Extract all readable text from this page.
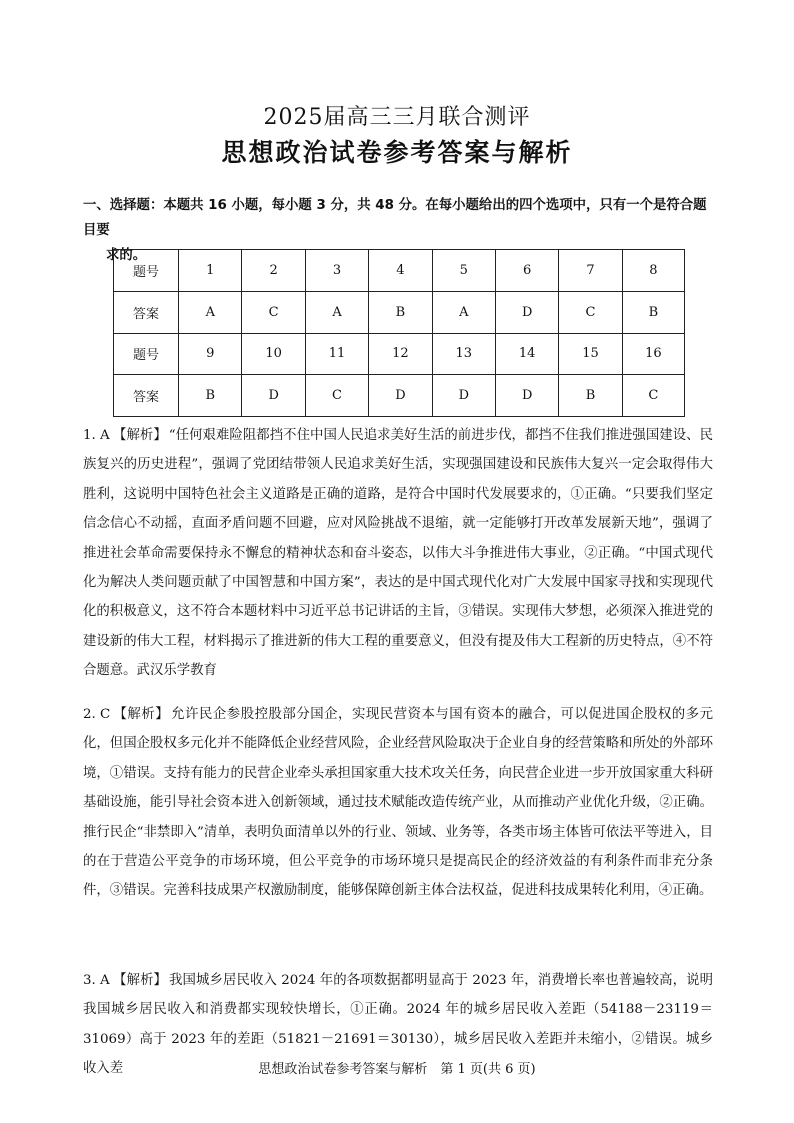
2025届高三三月联合测评
思想政治试卷参考答案与解析
一、选择题：本题共 16 小题，每小题 3 分，共 48 分。在每小题给出的四个选项中，只有一个是符合题目要
求的。
题号	1	2	3	4	5	6	7	8
答案	A	C	A	B	A	D	C	B
题号	9	10	11	12	13	14	15	16
答案	B	D	C	D	D	D	B	C
1. A 【解析】 “任何艰难险阻都挡不住中国人民追求美好生活的前进步伐，都挡不住我们推进强国建设、民族复兴的历史进程”，强调了党团结带领人民追求美好生活，实现强国建设和民族伟大复兴一定会取得伟大胜利，这说明中国特色社会主义道路是正确的道路，是符合中国时代发展要求的，①正确。“只要我们坚定信念信心不动摇，直面矛盾问题不回避，应对风险挑战不退缩，就一定能够打开改革发展新天地”，强调了推进社会革命需要保持永不懈怠的精神状态和奋斗姿态，以伟大斗争推进伟大事业，②正确。“中国式现代化为解决人类问题贡献了中国智慧和中国方案”，表达的是中国式现代化对广大发展中国家寻找和实现现代化的积极意义，这不符合本题材料中习近平总书记讲话的主旨，③错误。实现伟大梦想，必须深入推进党的建设新的伟大工程，材料揭示了推进新的伟大工程的重要意义，但没有提及伟大工程新的历史特点，④不符合题意。武汉乐学教育
2. C 【解析】 允许民企参股控股部分国企，实现民营资本与国有资本的融合，可以促进国企股权的多元化，但国企股权多元化并不能降低企业经营风险，企业经营风险取决于企业自身的经营策略和所处的外部环境，①错误。支持有能力的民营企业牵头承担国家重大技术攻关任务，向民营企业进一步开放国家重大科研基础设施，能引导社会资本进入创新领域，通过技术赋能改造传统产业，从而推动产业优化升级，②正确。推行民企“非禁即入”清单，表明负面清单以外的行业、领域、业务等，各类市场主体皆可依法平等进入，目的在于营造公平竞争的市场环境，但公平竞争的市场环境只是提高民企的经济效益的有利条件而非充分条件，③错误。完善科技成果产权激励制度，能够保障创新主体合法权益，促进科技成果转化利用，④正确。
3. A 【解析】 我国城乡居民收入 2024 年的各项数据都明显高于 2023 年，消费增长率也普遍较高，说明我国城乡居民收入和消费都实现较快增长，①正确。2024 年的城乡居民收入差距（54188－23119＝31069）高于 2023 年的差距（51821－21691＝30130），城乡居民收入差距并未缩小，②错误。城乡收入差	思想政治试卷参考答案与解析　第 1 页(共 6 页)
